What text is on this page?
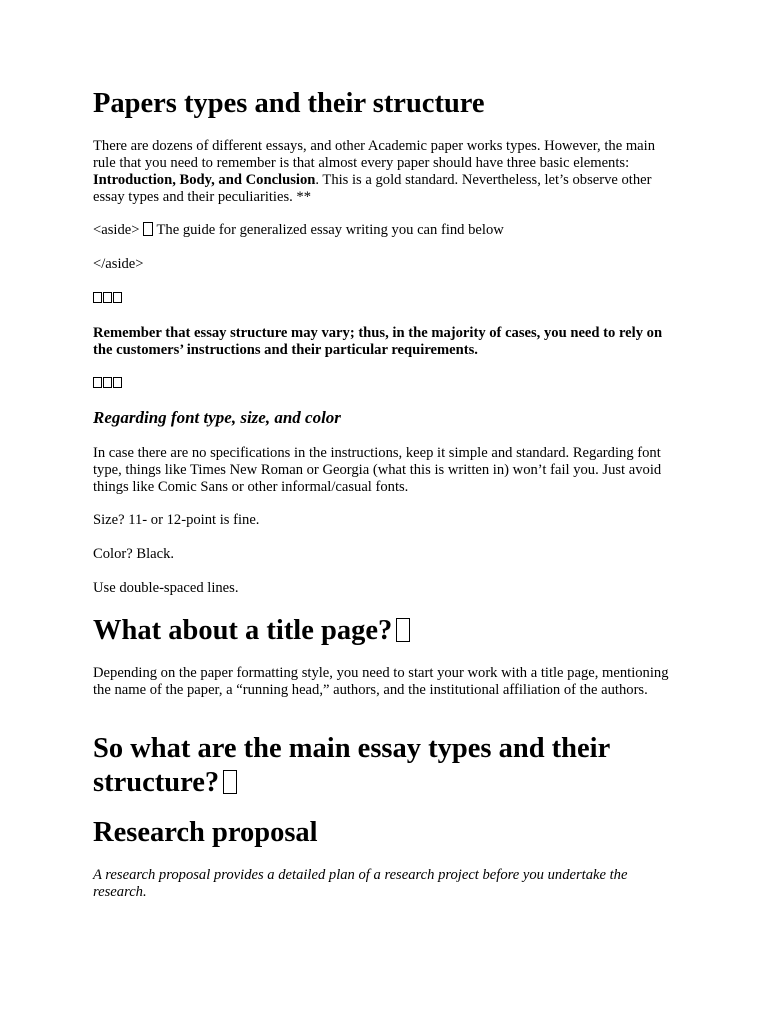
Papers types and their structure

There are dozens of different essays, and other Academic paper works types. However, the main rule that you need to remember is that almost every paper should have three basic elements: Introduction, Body, and Conclusion. This is a gold standard. Nevertheless, let’s observe other essay types and their peculiarities. **

<aside> The guide for generalized essay writing you can find below

</aside>

Remember that essay structure may vary; thus, in the majority of cases, you need to rely on the customers’ instructions and their particular requirements.

Regarding font type, size, and color

In case there are no specifications in the instructions, keep it simple and standard. Regarding font type, things like Times New Roman or Georgia (what this is written in) won’t fail you. Just avoid things like Comic Sans or other informal/casual fonts.

Size? 11- or 12-point is fine.

Color? Black.

Use double-spaced lines.

What about a title page?

Depending on the paper formatting style, you need to start your work with a title page, mentioning the name of the paper, a “running head,” authors, and the institutional affiliation of the authors.

So what are the main essay types and their structure?
Research proposal

A research proposal provides a detailed plan of a research project before you undertake the research.
